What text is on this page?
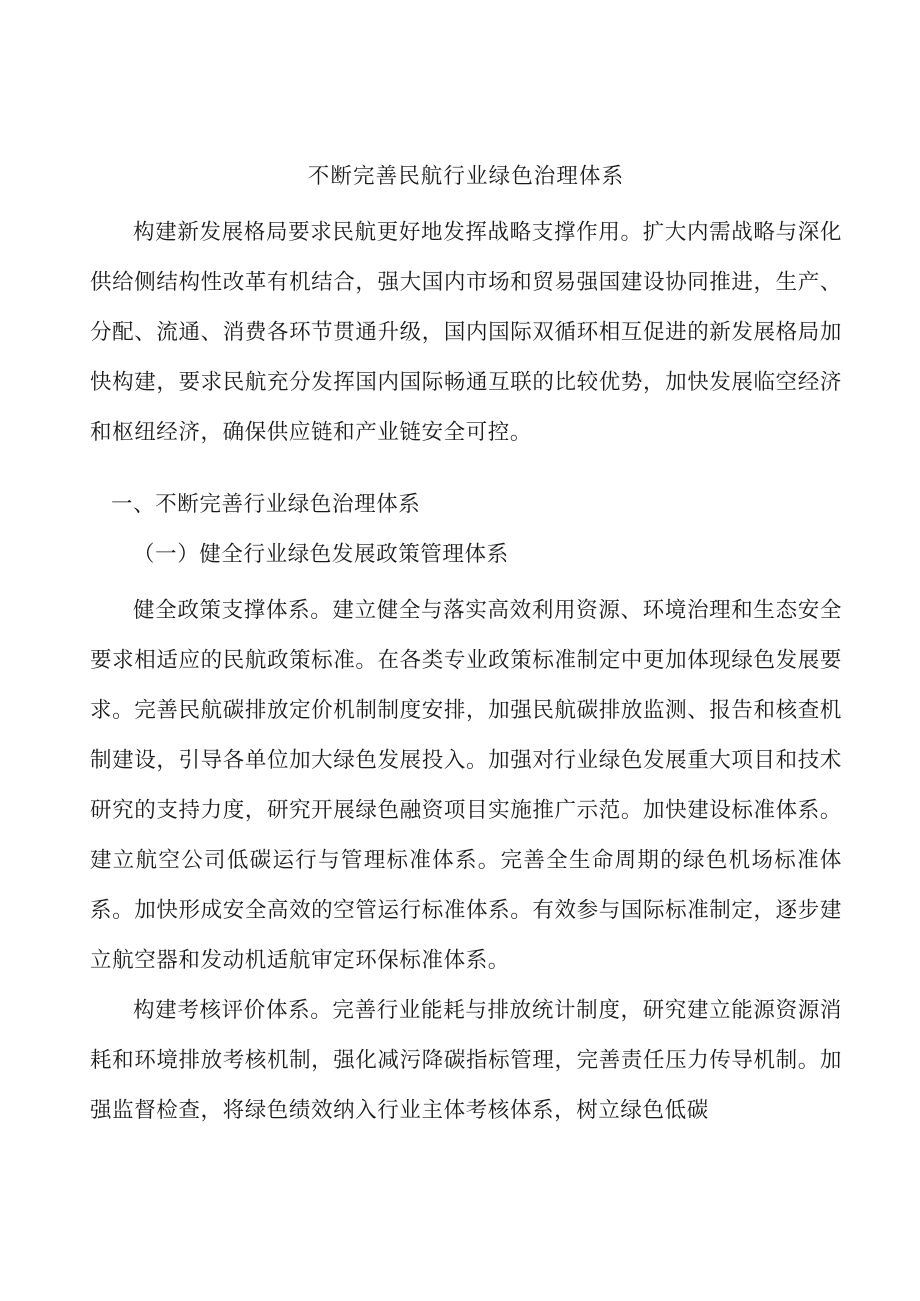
不断完善民航行业绿色治理体系

构建新发展格局要求民航更好地发挥战略支撑作用。扩大内需战略与深化供给侧结构性改革有机结合，强大国内市场和贸易强国建设协同推进，生产、分配、流通、消费各环节贯通升级，国内国际双循环相互促进的新发展格局加快构建，要求民航充分发挥国内国际畅通互联的比较优势，加快发展临空经济和枢纽经济，确保供应链和产业链安全可控。

一、不断完善行业绿色治理体系

（一）健全行业绿色发展政策管理体系

健全政策支撑体系。建立健全与落实高效利用资源、环境治理和生态安全要求相适应的民航政策标准。在各类专业政策标准制定中更加体现绿色发展要求。完善民航碳排放定价机制制度安排，加强民航碳排放监测、报告和核查机制建设，引导各单位加大绿色发展投入。加强对行业绿色发展重大项目和技术研究的支持力度，研究开展绿色融资项目实施推广示范。加快建设标准体系。建立航空公司低碳运行与管理标准体系。完善全生命周期的绿色机场标准体系。加快形成安全高效的空管运行标准体系。有效参与国际标准制定，逐步建立航空器和发动机适航审定环保标准体系。

构建考核评价体系。完善行业能耗与排放统计制度，研究建立能源资源消耗和环境排放考核机制，强化减污降碳指标管理，完善责任压力传导机制。加强监督检查，将绿色绩效纳入行业主体考核体系，树立绿色低碳
